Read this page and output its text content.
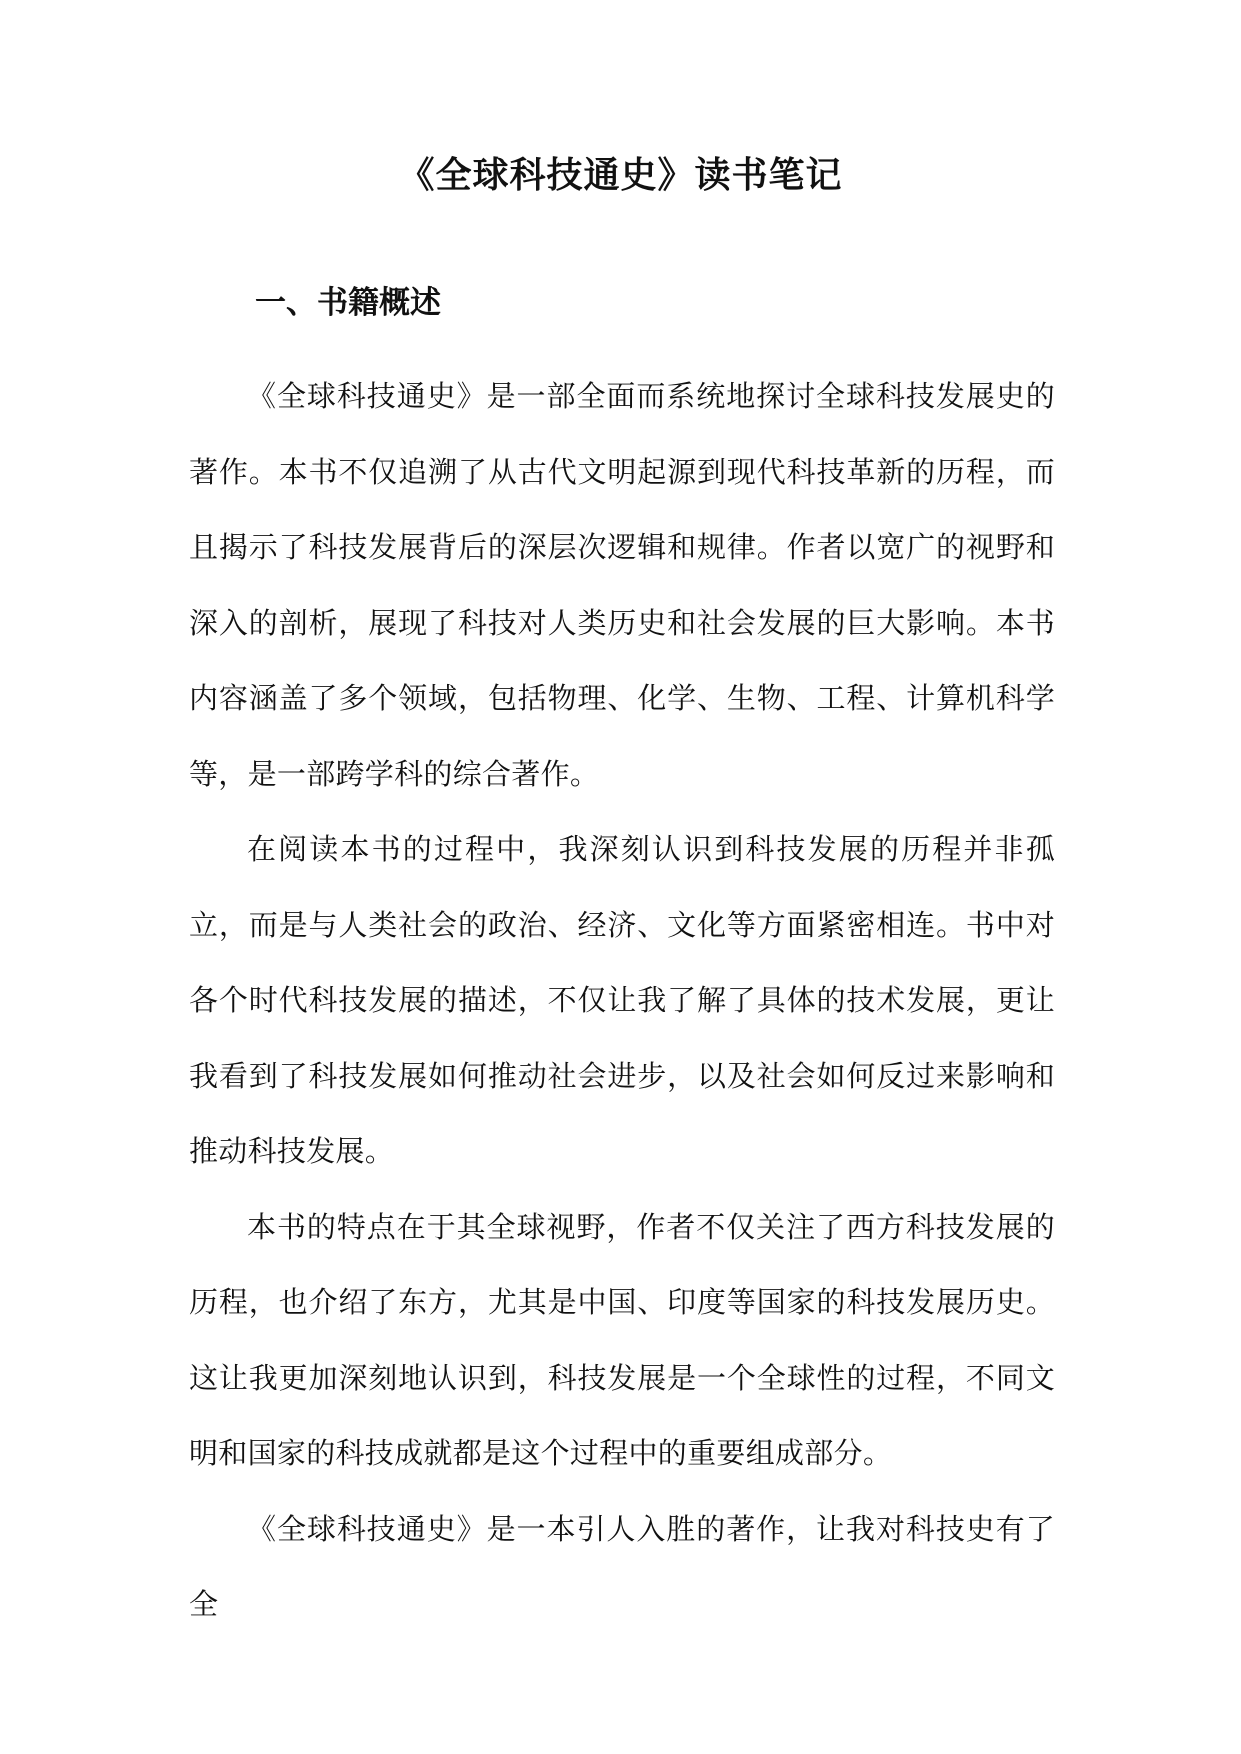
《全球科技通史》读书笔记
一、书籍概述

《全球科技通史》是一部全面而系统地探讨全球科技发展史的著作。本书不仅追溯了从古代文明起源到现代科技革新的历程，而且揭示了科技发展背后的深层次逻辑和规律。作者以宽广的视野和深入的剖析，展现了科技对人类历史和社会发展的巨大影响。本书内容涵盖了多个领域，包括物理、化学、生物、工程、计算机科学等，是一部跨学科的综合著作。

在阅读本书的过程中，我深刻认识到科技发展的历程并非孤立，而是与人类社会的政治、经济、文化等方面紧密相连。书中对各个时代科技发展的描述，不仅让我了解了具体的技术发展，更让我看到了科技发展如何推动社会进步，以及社会如何反过来影响和推动科技发展。

本书的特点在于其全球视野，作者不仅关注了西方科技发展的历程，也介绍了东方，尤其是中国、印度等国家的科技发展历史。这让我更加深刻地认识到，科技发展是一个全球性的过程，不同文明和国家的科技成就都是这个过程中的重要组成部分。

《全球科技通史》是一本引人入胜的著作，让我对科技史有了全
